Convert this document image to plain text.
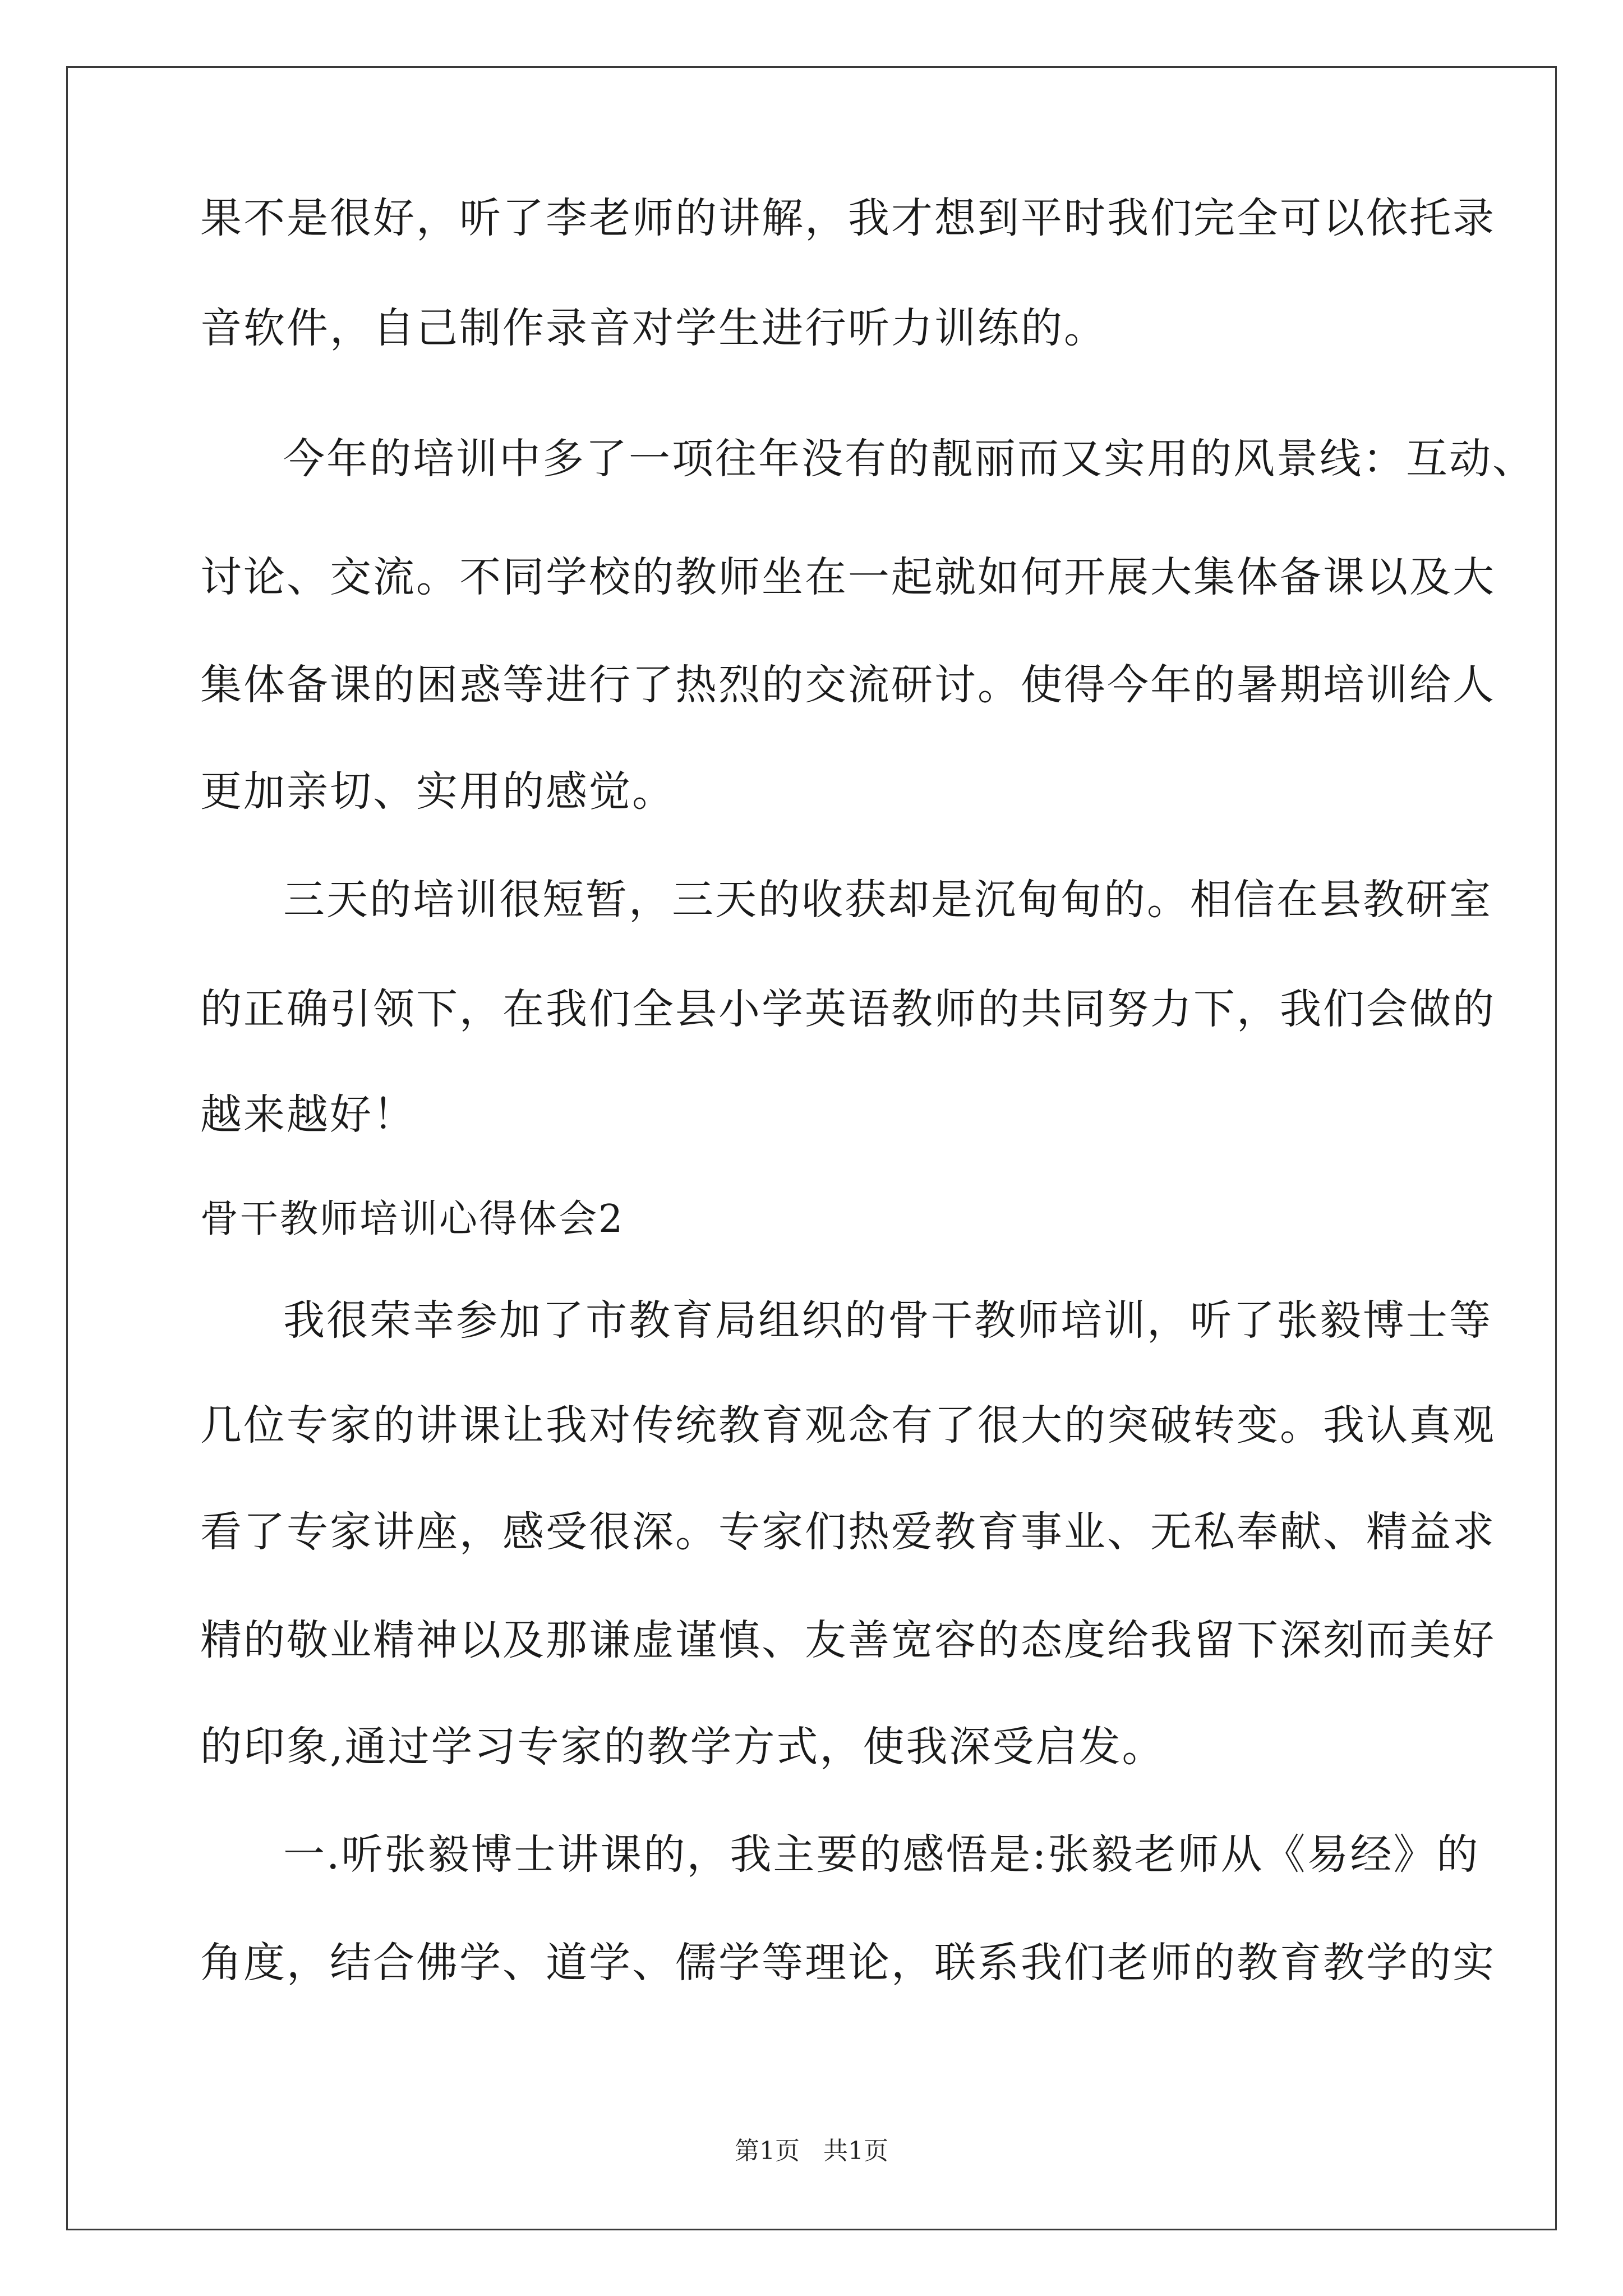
果不是很好，听了李老师的讲解，我才想到平时我们完全可以依托录
音软件，自己制作录音对学生进行听力训练的。
今年的培训中多了一项往年没有的靓丽而又实用的风景线：互动、
讨论、交流。不同学校的教师坐在一起就如何开展大集体备课以及大
集体备课的困惑等进行了热烈的交流研讨。使得今年的暑期培训给人
更加亲切、实用的感觉。
三天的培训很短暂，三天的收获却是沉甸甸的。相信在县教研室
的正确引领下，在我们全县小学英语教师的共同努力下，我们会做的
越来越好！
骨干教师培训心得体会2
我很荣幸参加了市教育局组织的骨干教师培训，听了张毅博士等
几位专家的讲课让我对传统教育观念有了很大的突破转变。我认真观
看了专家讲座，感受很深。专家们热爱教育事业、无私奉献、精益求
精的敬业精神以及那谦虚谨慎、友善宽容的态度给我留下深刻而美好
的印象,通过学习专家的教学方式，使我深受启发。
一.听张毅博士讲课的，我主要的感悟是:张毅老师从《易经》的
角度，结合佛学、道学、儒学等理论，联系我们老师的教育教学的实
第1页   共1页
